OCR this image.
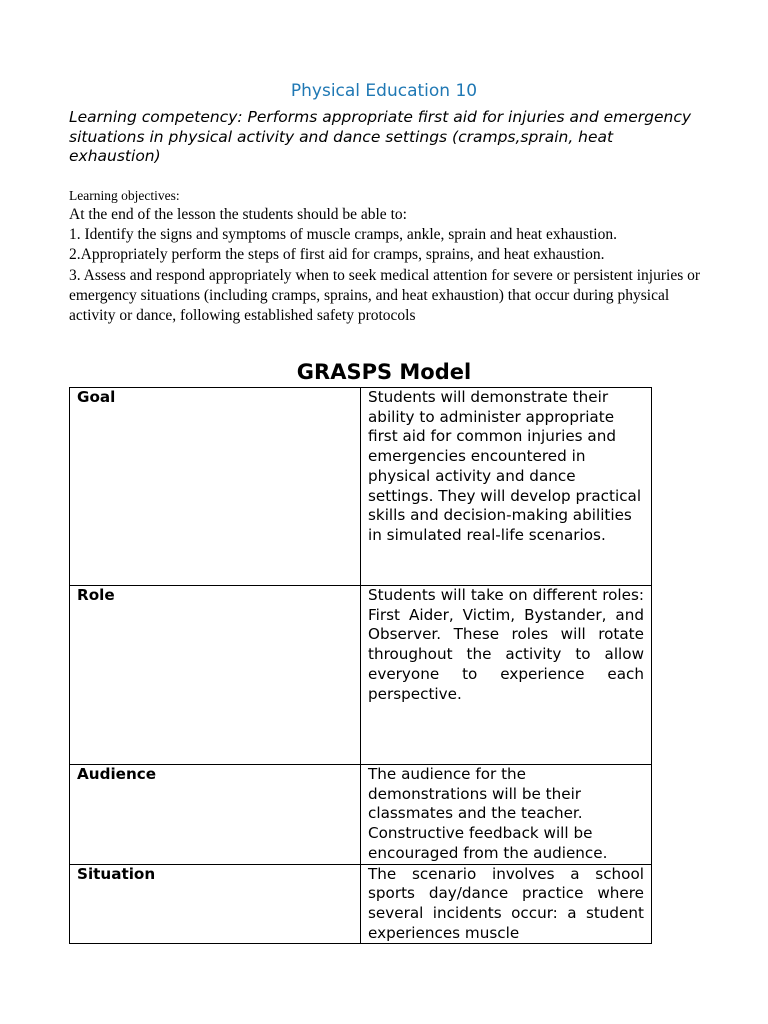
Physical Education 10

Learning competency: Performs appropriate first aid for injuries and emergency situations in physical activity and dance settings (cramps,sprain, heat exhaustion)

Learning objectives:

At the end of the lesson the students should be able to:

1. Identify the signs and symptoms of muscle cramps, ankle, sprain and heat exhaustion.

2.Appropriately perform the steps of first aid for cramps, sprains, and heat exhaustion.

3. Assess and respond appropriately when to seek medical attention for severe or persistent injuries or emergency situations (including cramps, sprains, and heat exhaustion) that occur during physical activity or dance, following established safety protocols

GRASPS Model
Goal	Students will demonstrate their ability to administer appropriate first aid for common injuries and emergencies encountered in physical activity and dance settings. They will develop practical skills and decision-making abilities in simulated real-life scenarios.
Role	Students will take on different roles: First Aider, Victim, Bystander, and Observer. These roles will rotate throughout the activity to allow everyone to experience each perspective.
Audience	The audience for the demonstrations will be their classmates and the teacher. Constructive feedback will be encouraged from the audience.
Situation	The scenario involves a school sports day/dance practice where several incidents occur: a student experiences muscle
